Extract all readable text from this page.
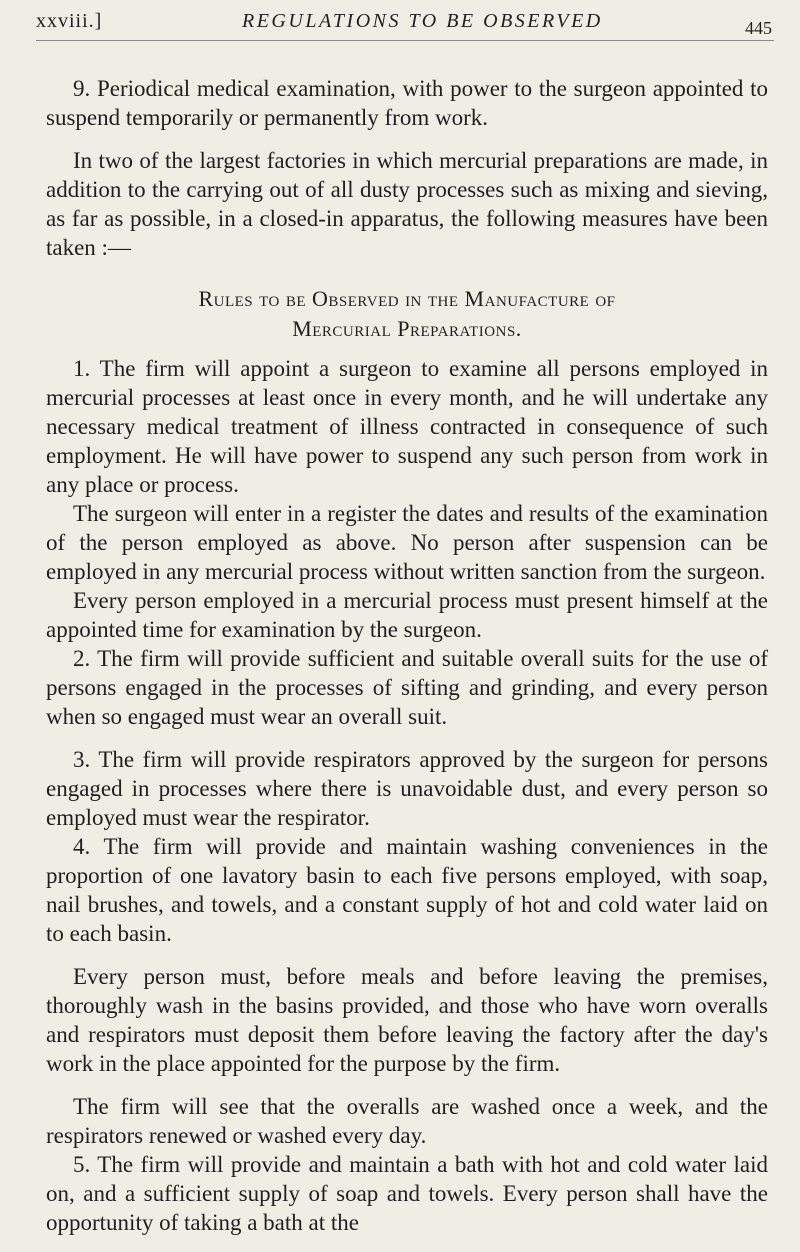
xxviii.]	REGULATIONS TO BE OBSERVED	445

9. Periodical medical examination, with power to the surgeon appointed to suspend temporarily or permanently from work.

In two of the largest factories in which mercurial preparations are made, in addition to the carrying out of all dusty processes such as mixing and sieving, as far as possible, in a closed-in apparatus, the following measures have been taken :—

Rules to be Observed in the Manufacture of
Mercurial Preparations.

1. The firm will appoint a surgeon to examine all persons employed in mercurial processes at least once in every month, and he will undertake any necessary medical treatment of illness contracted in consequence of such employment. He will have power to suspend any such person from work in any place or process.

The surgeon will enter in a register the dates and results of the examination of the person employed as above. No person after suspension can be employed in any mercurial process without written sanction from the surgeon.

Every person employed in a mercurial process must present himself at the appointed time for examination by the surgeon.

2. The firm will provide sufficient and suitable overall suits for the use of persons engaged in the processes of sifting and grinding, and every person when so engaged must wear an overall suit.

3. The firm will provide respirators approved by the surgeon for persons engaged in processes where there is unavoidable dust, and every person so employed must wear the respirator.

4. The firm will provide and maintain washing conveniences in the proportion of one lavatory basin to each five persons employed, with soap, nail brushes, and towels, and a constant supply of hot and cold water laid on to each basin.

Every person must, before meals and before leaving the premises, thoroughly wash in the basins provided, and those who have worn overalls and respirators must deposit them before leaving the factory after the day's work in the place appointed for the purpose by the firm.

The firm will see that the overalls are washed once a week, and the respirators renewed or washed every day.

5. The firm will provide and maintain a bath with hot and cold water laid on, and a sufficient supply of soap and towels. Every person shall have the opportunity of taking a bath at the
